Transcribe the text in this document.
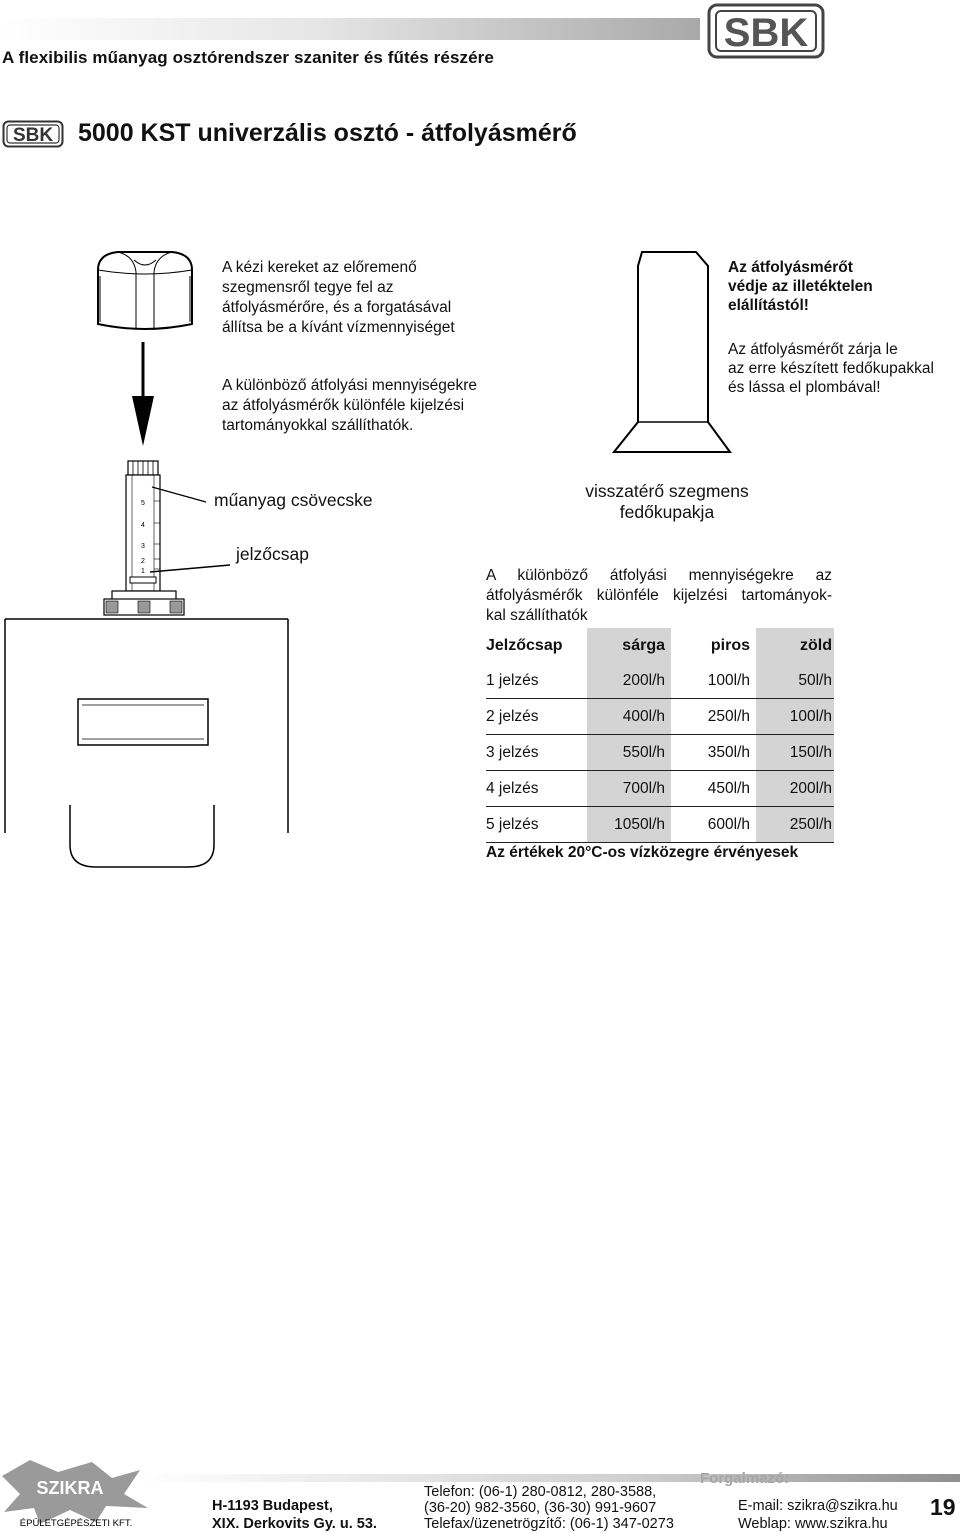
A flexibilis műanyag osztórendszer szaniter és fűtés részére
SBK
SBK 5000 KST univerzális osztó - átfolyásmérő
A kézi kereket az előremenő
szegmensről tegye fel az
átfolyásmérőre, és a forgatásával
állítsa be a kívánt vízmennyiséget
A különböző átfolyási mennyiségekre
az átfolyásmérők különféle kijelzési
tartományokkal szállíthatók.
Az átfolyásmérőt
védje az illetéktelen
elállítástól!
Az átfolyásmérőt zárja le
az erre készített fedőkupakkal
és lássa el plombával!
5
4
3
2
1
műanyag csövecske
jelzőcsap
visszatérő szegmens
fedőkupakja
A különböző átfolyási mennyiségekre az
átfolyásmérők különféle kijelzési tartományok-
kal szállíthatók
Jelzőcsap	sárga	piros	zöld
1 jelzés	200l/h	100l/h	50l/h
2 jelzés	400l/h	250l/h	100l/h
3 jelzés	550l/h	350l/h	150l/h
4 jelzés	700l/h	450l/h	200l/h
5 jelzés	1050l/h	600l/h	250l/h
Az értékek 20°C-os vízközegre érvényesek
SZIKRA
ÉPÜLETGÉPÉSZETI KFT.
H-1193 Budapest,
XIX. Derkovits Gy. u. 53.
Telefon: (06-1) 280-0812, 280-3588,
(36-20) 982-3560, (36-30) 991-9607
Telefax/üzenetrögzítő: (06-1) 347-0273
Forgalmazó:
E-mail: szikra@szikra.hu
Weblap: www.szikra.hu
19
